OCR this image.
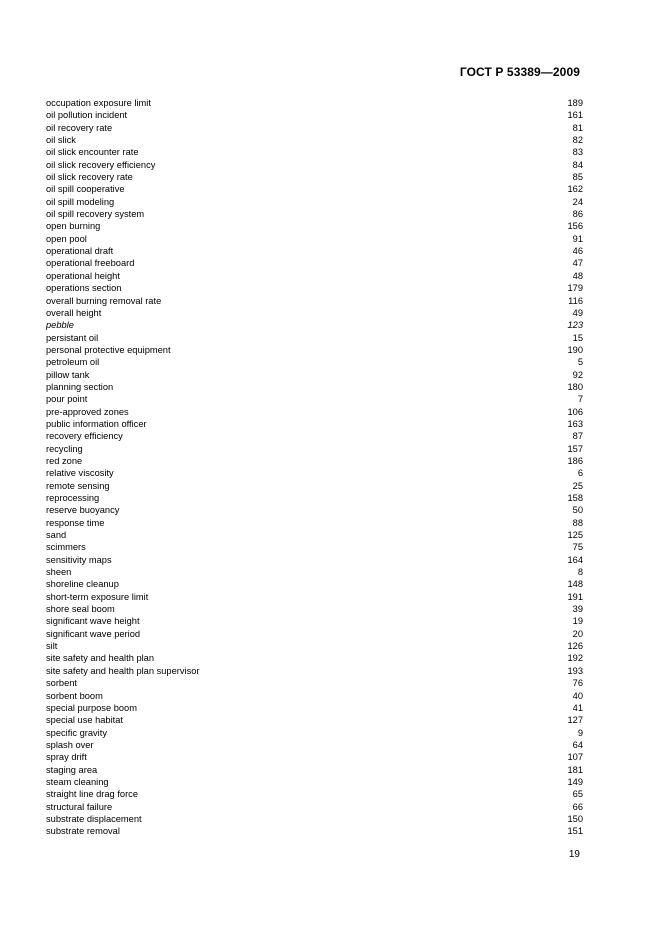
ГОСТ Р 53389—2009
occupation exposure limit	189
oil pollution incident	161
oil recovery rate	81
oil slick	82
oil slick encounter rate	83
oil slick recovery efficiency	84
oil slick recovery rate	85
oil spill cooperative	162
oil spill modeling	24
oil spill recovery system	86
open burning	156
open pool	91
operational draft	46
operational freeboard	47
operational height	48
operations section	179
overall burning removal rate	116
overall height	49
pebble	123
persistant oil	15
personal protective equipment	190
petroleum oil	5
pillow tank	92
planning section	180
pour point	7
pre-approved zones	106
public information officer	163
recovery efficiency	87
recycling	157
red zone	186
relative viscosity	6
remote sensing	25
reprocessing	158
reserve buoyancy	50
response time	88
sand	125
scimmers	75
sensitivity maps	164
sheen	8
shoreline cleanup	148
short-term exposure limit	191
shore seal boom	39
significant wave height	19
significant wave period	20
silt	126
site safety and health plan	192
site safety and health plan supervisor	193
sorbent	76
sorbent boom	40
special purpose boom	41
special use habitat	127
specific gravity	9
splash over	64
spray drift	107
staging area	181
steam cleaning	149
straight line drag force	65
structural failure	66
substrate displacement	150
substrate removal	151
19
